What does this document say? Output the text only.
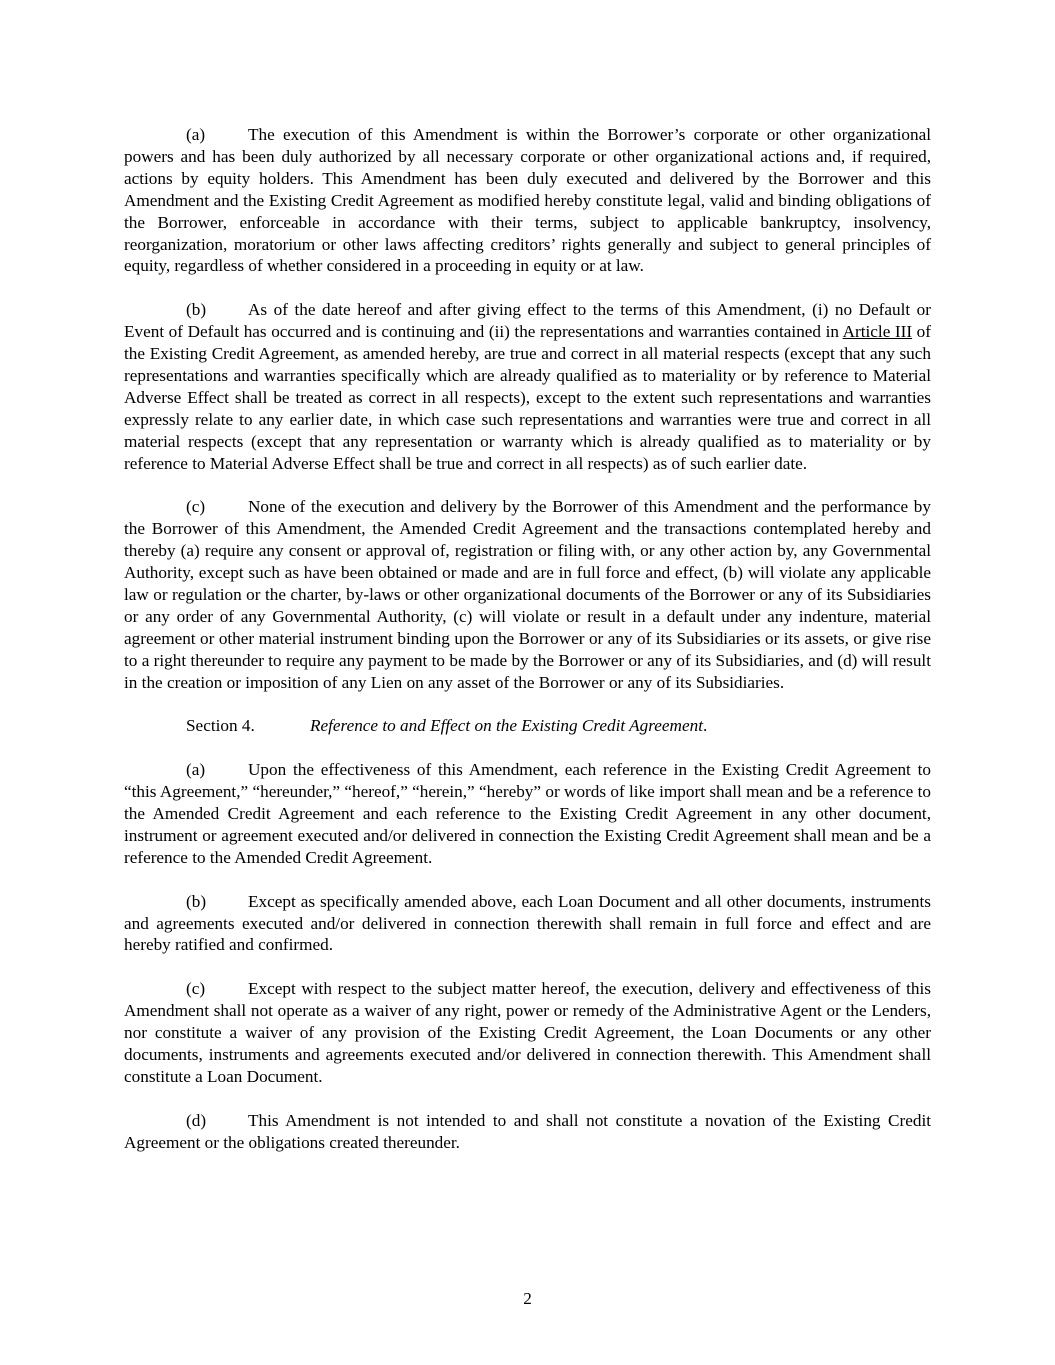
(a) The execution of this Amendment is within the Borrower’s corporate or other organizational powers and has been duly authorized by all necessary corporate or other organizational actions and, if required, actions by equity holders. This Amendment has been duly executed and delivered by the Borrower and this Amendment and the Existing Credit Agreement as modified hereby constitute legal, valid and binding obligations of the Borrower, enforceable in accordance with their terms, subject to applicable bankruptcy, insolvency, reorganization, moratorium or other laws affecting creditors’ rights generally and subject to general principles of equity, regardless of whether considered in a proceeding in equity or at law.

(b) As of the date hereof and after giving effect to the terms of this Amendment, (i) no Default or Event of Default has occurred and is continuing and (ii) the representations and warranties contained in Article III of the Existing Credit Agreement, as amended hereby, are true and correct in all material respects (except that any such representations and warranties specifically which are already qualified as to materiality or by reference to Material Adverse Effect shall be treated as correct in all respects), except to the extent such representations and warranties expressly relate to any earlier date, in which case such representations and warranties were true and correct in all material respects (except that any representation or warranty which is already qualified as to materiality or by reference to Material Adverse Effect shall be true and correct in all respects) as of such earlier date.

(c) None of the execution and delivery by the Borrower of this Amendment and the performance by the Borrower of this Amendment, the Amended Credit Agreement and the transactions contemplated hereby and thereby (a) require any consent or approval of, registration or filing with, or any other action by, any Governmental Authority, except such as have been obtained or made and are in full force and effect, (b) will violate any applicable law or regulation or the charter, by-laws or other organizational documents of the Borrower or any of its Subsidiaries or any order of any Governmental Authority, (c) will violate or result in a default under any indenture, material agreement or other material instrument binding upon the Borrower or any of its Subsidiaries or its assets, or give rise to a right thereunder to require any payment to be made by the Borrower or any of its Subsidiaries, and (d) will result in the creation or imposition of any Lien on any asset of the Borrower or any of its Subsidiaries.

Section 4.	Reference to and Effect on the Existing Credit Agreement.

(a) Upon the effectiveness of this Amendment, each reference in the Existing Credit Agreement to “this Agreement,” “hereunder,” “hereof,” “herein,” “hereby” or words of like import shall mean and be a reference to the Amended Credit Agreement and each reference to the Existing Credit Agreement in any other document, instrument or agreement executed and/or delivered in connection the Existing Credit Agreement shall mean and be a reference to the Amended Credit Agreement.

(b) Except as specifically amended above, each Loan Document and all other documents, instruments and agreements executed and/or delivered in connection therewith shall remain in full force and effect and are hereby ratified and confirmed.

(c) Except with respect to the subject matter hereof, the execution, delivery and effectiveness of this Amendment shall not operate as a waiver of any right, power or remedy of the Administrative Agent or the Lenders, nor constitute a waiver of any provision of the Existing Credit Agreement, the Loan Documents or any other documents, instruments and agreements executed and/or delivered in connection therewith. This Amendment shall constitute a Loan Document.

(d) This Amendment is not intended to and shall not constitute a novation of the Existing Credit Agreement or the obligations created thereunder.

2
